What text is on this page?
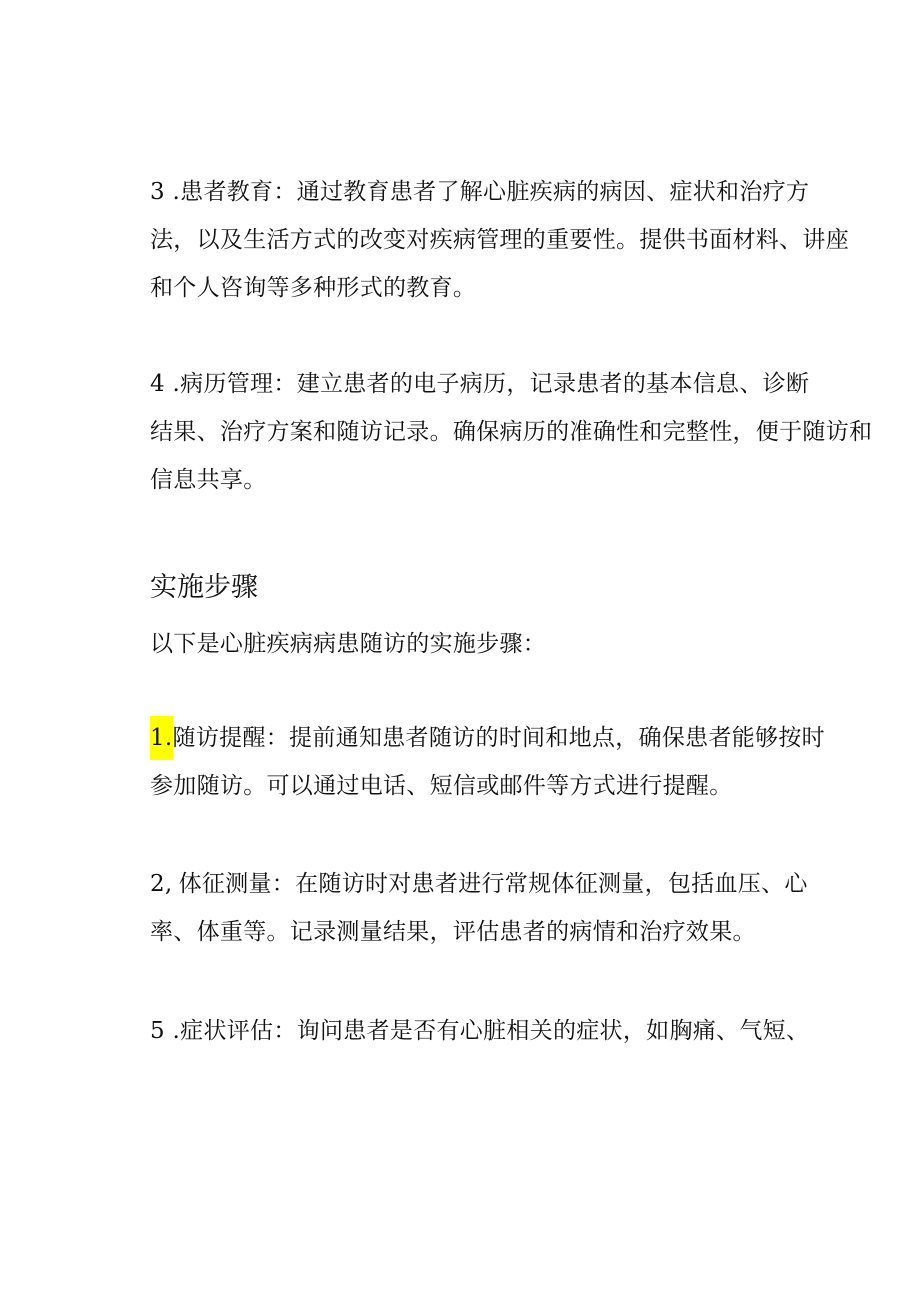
3 .患者教育：通过教育患者了解心脏疾病的病因、症状和治疗方
法，以及生活方式的改变对疾病管理的重要性。提供书面材料、讲座
和个人咨询等多种形式的教育。
4 .病历管理：建立患者的电子病历，记录患者的基本信息、诊断
结果、治疗方案和随访记录。确保病历的准确性和完整性，便于随访和
信息共享。
实施步骤

以下是心脏疾病病患随访的实施步骤：

1.随访提醒：提前通知患者随访的时间和地点，确保患者能够按时
参加随访。可以通过电话、短信或邮件等方式进行提醒。
2,  体征测量：在随访时对患者进行常规体征测量，包括血压、心
率、体重等。记录测量结果，评估患者的病情和治疗效果。
5 .症状评估：询问患者是否有心脏相关的症状，如胸痛、气短、
